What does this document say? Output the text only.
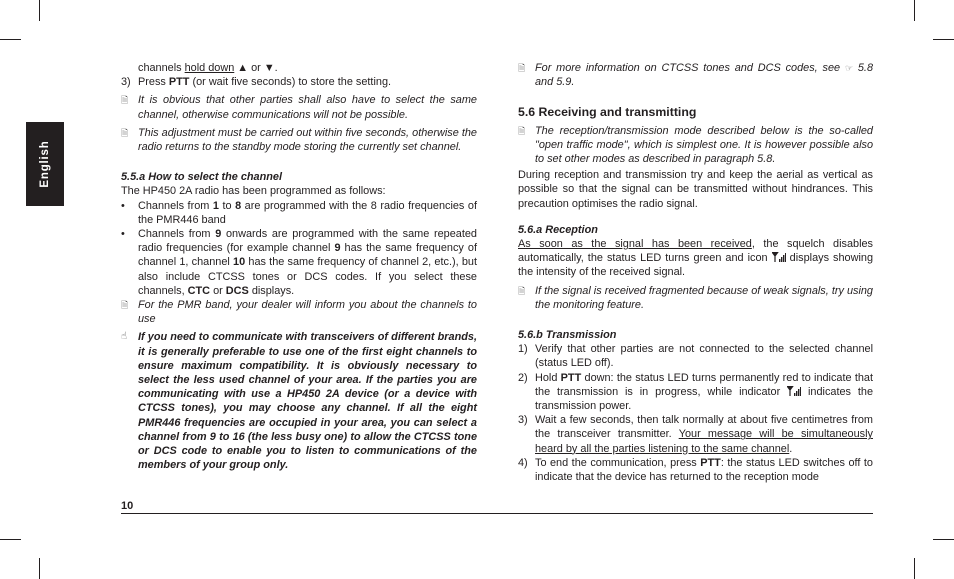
English

channels hold down ▲ or ▼.

3) Press PTT (or wait five seconds) to store the setting.

🗎 It is obvious that other parties shall also have to select the same channel, otherwise communications will not be possible.

🗎 This adjustment must be carried out within five seconds, otherwise the radio returns to the standby mode storing the currently set channel.

5.5.a How to select the channel

The HP450 2A radio has been programmed as follows:

• Channels from 1 to 8 are programmed with the 8 radio frequencies of the PMR446 band

• Channels from 9 onwards are programmed with the same repeated radio frequencies (for example channel 9 has the same frequency of channel 1, channel 10 has the same frequency of channel 2, etc.), but also include CTCSS tones or DCS codes. If you select these channels, CTC or DCS displays.

🗎 For the PMR band, your dealer will inform you about the channels to use

☝ If you need to communicate with transceivers of different brands, it is generally preferable to use one of the first eight channels to ensure maximum compatibility. It is obviously necessary to select the less used channel of your area. If the parties you are communicating with use a HP450 2A device (or a device with CTCSS tones), you may choose any channel. If all the eight PMR446 frequencies are occupied in your area, you can select a channel from 9 to 16 (the less busy one) to allow the CTCSS tone or DCS code to enable you to listen to communications of the members of your group only.

🗎 For more information on CTCSS tones and DCS codes, see ☞ 5.8 and 5.9.

5.6 Receiving and transmitting

🗎 The reception/transmission mode described below is the so-called "open traffic mode", which is simplest one. It is however possible also to set other modes as described in paragraph 5.8.

During reception and transmission try and keep the aerial as vertical as possible so that the signal can be transmitted without hindrances. This precaution optimises the radio signal.

5.6.a Reception

As soon as the signal has been received, the squelch disables automatically, the status LED turns green and icon  displays showing the intensity of the received signal.

🗎 If the signal is received fragmented because of weak signals, try using the monitoring feature.

5.6.b Transmission

1) Verify that other parties are not connected to the selected channel (status LED off).

2) Hold PTT down: the status LED turns permanently red to indicate that the transmission is in progress, while indicator  indicates the transmission power.

3) Wait a few seconds, then talk normally at about five centimetres from the transceiver transmitter. Your message will be simultaneously heard by all the parties listening to the same channel.

4) To end the communication, press PTT: the status LED switches off to indicate that the device has returned to the reception mode

10
